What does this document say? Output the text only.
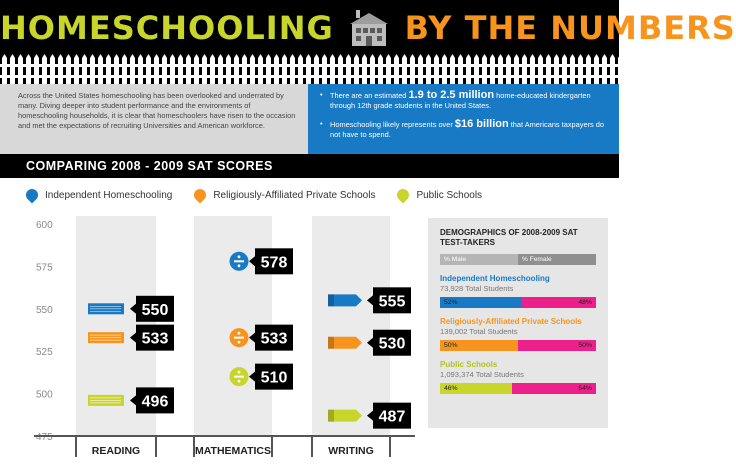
HOMESCHOOLING BY THE NUMBERS
Across the United States homeschooling has been overlooked and underrated by many. Diving deeper into student performance and the environments of homeschooling households, it is clear that homeschoolers have risen to the occasion and met the expectations of recruiting Universities and American workforce.
• There are an estimated 1.9 to 2.5 million home-educated kindergarten through 12th grade students in the United States.
• Homeschooling likely represents over $16 billion that Americans taxpayers do not have to spend.
COMPARING 2008 - 2009 SAT SCORES
Independent Homeschooling	Religiously-Affiliated Private Schools	Public Schools
600
575
550
525
500
475
READING	MATHEMATICS	WRITING
550
578
555
533	533	530
496
510
487
DEMOGRAPHICS OF 2008-2009 SAT TEST-TAKERS
% Male	% Female
Independent Homeschooling
73,928 Total Students
52%	48%
Religiously-Affiliated Private Schools
139,002 Total Students
50%	50%
Public Schools
1,093,374 Total Students
46%	54%
